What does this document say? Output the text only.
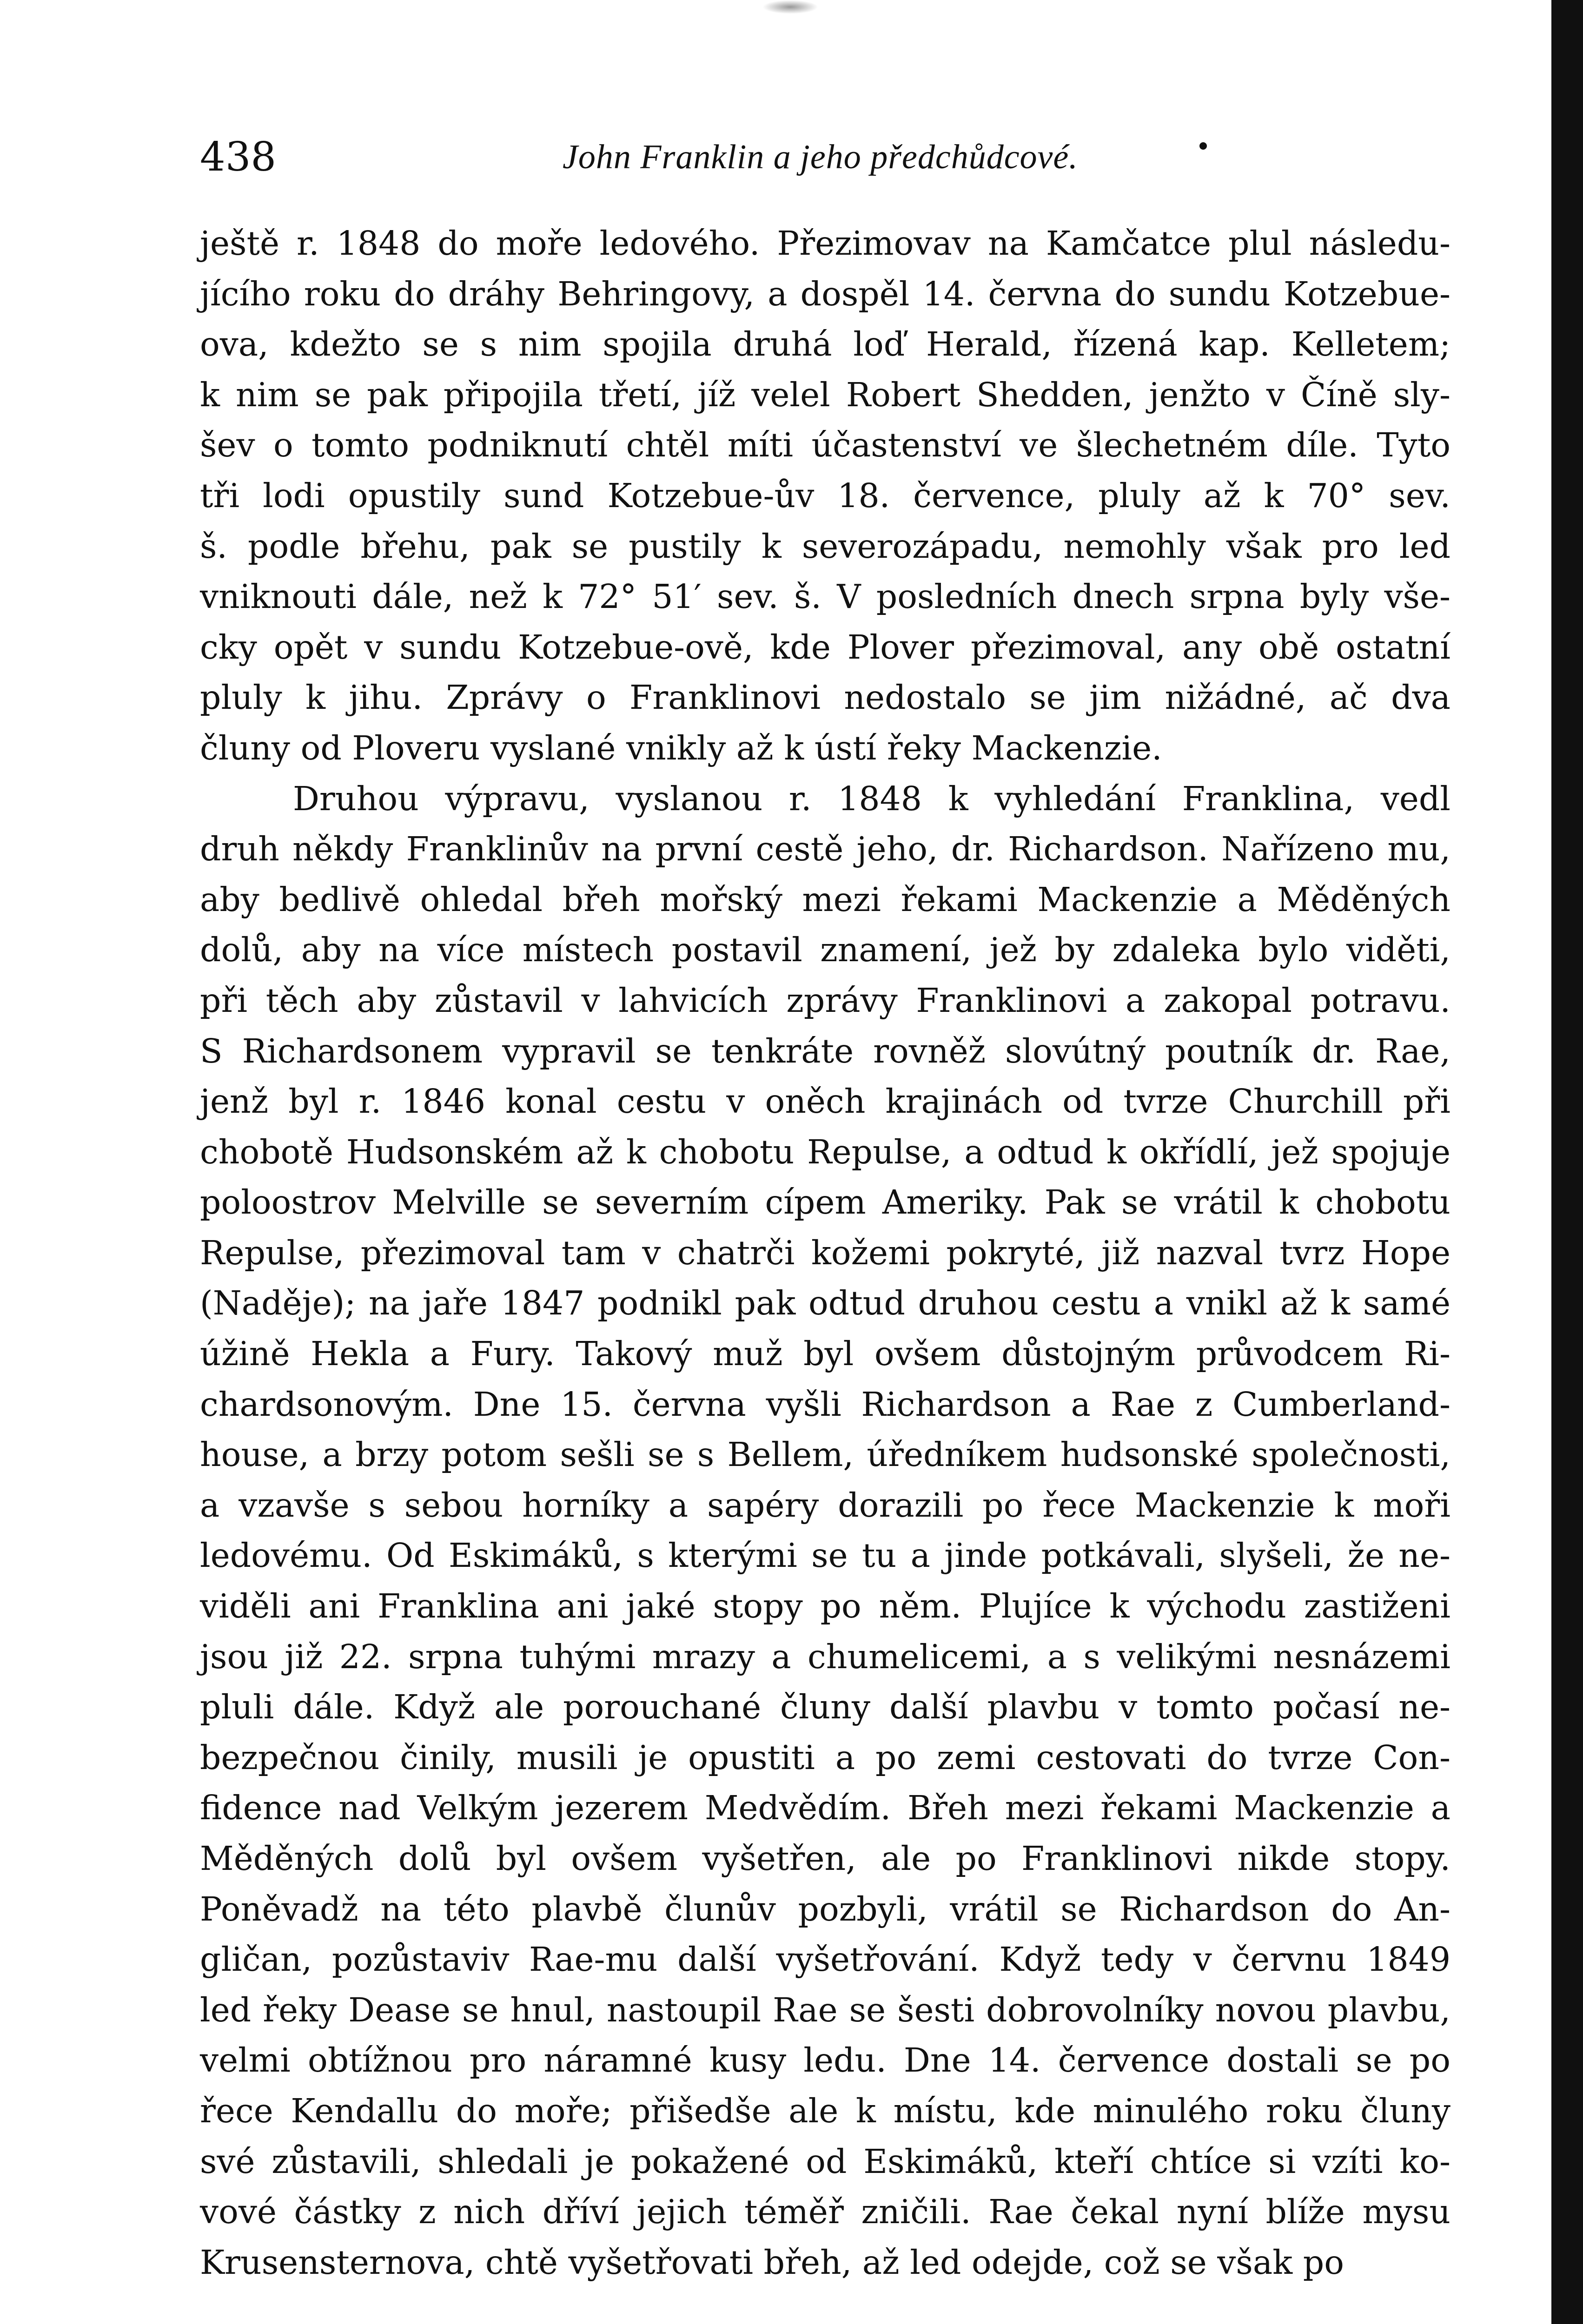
438	John Franklin a jeho předchůdcové.
ještě r. 1848 do moře ledového. Přezimovav na Kamčatce plul následu-
jícího roku do dráhy Behringovy, a dospěl 14. června do sundu Kotzebue-
ova, kdežto se s nim spojila druhá loď Herald, řízená kap. Kelletem;
k nim se pak připojila třetí, jíž velel Robert Shedden, jenžto v Číně sly-
šev o tomto podniknutí chtěl míti účastenství ve šlechetném díle. Tyto
tři lodi opustily sund Kotzebue-ův 18. července, pluly až k 70° sev.
š. podle břehu, pak se pustily k severozápadu, nemohly však pro led
vniknouti dále, než k 72° 51′ sev. š. V posledních dnech srpna byly vše-
cky opět v sundu Kotzebue-ově, kde Plover přezimoval, any obě ostatní
pluly k jihu. Zprávy o Franklinovi nedostalo se jim nižádné, ač dva
čluny od Ploveru vyslané vnikly až k ústí řeky Mackenzie.
Druhou výpravu, vyslanou r. 1848 k vyhledání Franklina, vedl
druh někdy Franklinův na první cestě jeho, dr. Richardson. Nařízeno mu,
aby bedlivě ohledal břeh mořský mezi řekami Mackenzie a Měděných
dolů, aby na více místech postavil znamení, jež by zdaleka bylo viděti,
při těch aby zůstavil v lahvicích zprávy Franklinovi a zakopal potravu.
S Richardsonem vypravil se tenkráte rovněž slovútný poutník dr. Rae,
jenž byl r. 1846 konal cestu v oněch krajinách od tvrze Churchill při
chobotě Hudsonském až k chobotu Repulse, a odtud k okřídlí, jež spojuje
poloostrov Melville se severním cípem Ameriky. Pak se vrátil k chobotu
Repulse, přezimoval tam v chatrči kožemi pokryté, již nazval tvrz Hope
(Naděje); na jaře 1847 podnikl pak odtud druhou cestu a vnikl až k samé
úžině Hekla a Fury. Takový muž byl ovšem důstojným průvodcem Ri-
chardsonovým. Dne 15. června vyšli Richardson a Rae z Cumberland-
house, a brzy potom sešli se s Bellem, úředníkem hudsonské společnosti,
a vzavše s sebou horníky a sapéry dorazili po řece Mackenzie k moři
ledovému. Od Eskimáků, s kterými se tu a jinde potkávali, slyšeli, že ne-
viděli ani Franklina ani jaké stopy po něm. Plujíce k východu zastiženi
jsou již 22. srpna tuhými mrazy a chumelicemi, a s velikými nesnázemi
pluli dále. Když ale porouchané čluny další plavbu v tomto počasí ne-
bezpečnou činily, musili je opustiti a po zemi cestovati do tvrze Con-
fidence nad Velkým jezerem Medvědím. Břeh mezi řekami Mackenzie a
Měděných dolů byl ovšem vyšetřen, ale po Franklinovi nikde stopy.
Poněvadž na této plavbě člunův pozbyli, vrátil se Richardson do An-
gličan, pozůstaviv Rae-mu další vyšetřování. Když tedy v červnu 1849
led řeky Dease se hnul, nastoupil Rae se šesti dobrovolníky novou plavbu,
velmi obtížnou pro náramné kusy ledu. Dne 14. července dostali se po
řece Kendallu do moře; přišedše ale k místu, kde minulého roku čluny
své zůstavili, shledali je pokažené od Eskimáků, kteří chtíce si vzíti ko-
vové částky z nich dříví jejich téměř zničili. Rae čekal nyní blíže mysu
Krusensternova, chtě vyšetřovati břeh, až led odejde, což se však po
